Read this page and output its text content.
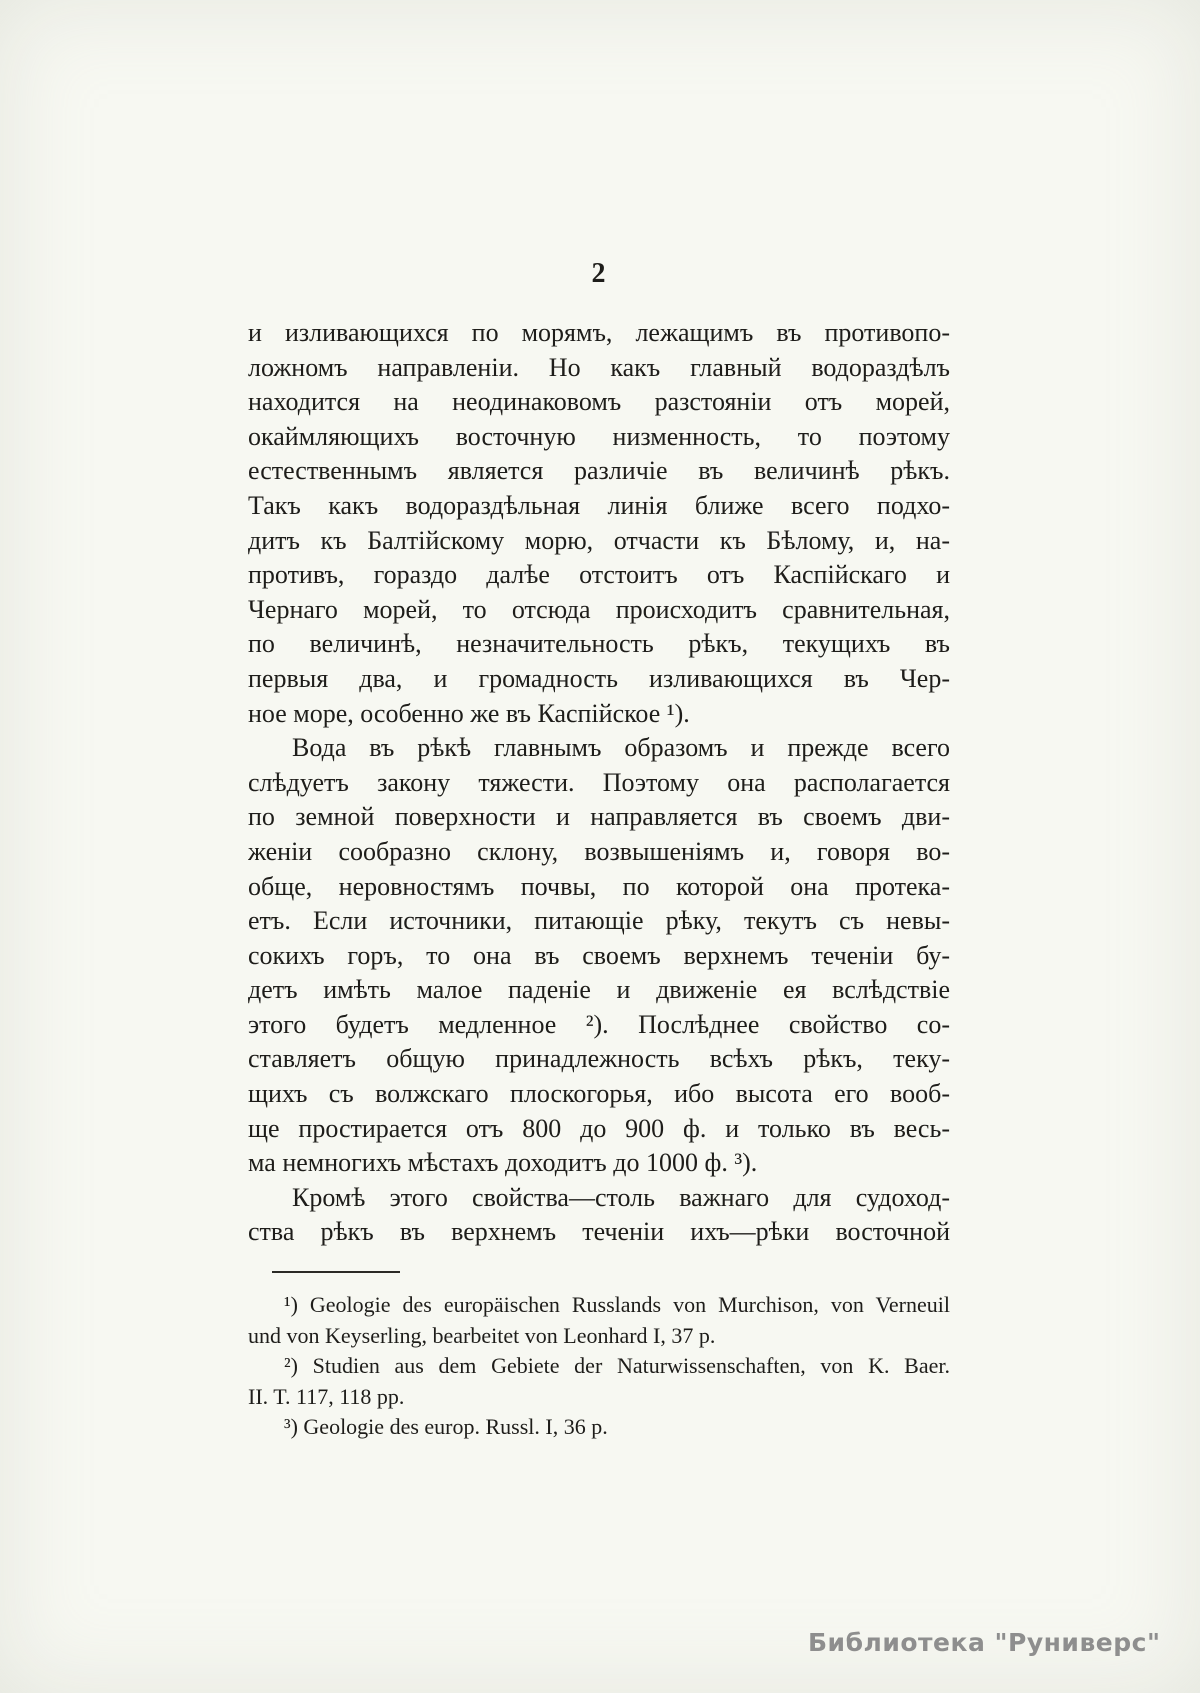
2
и изливающихся по морямъ, лежащимъ въ противопо-
ложномъ направленіи. Но какъ главный водораздѣлъ
находится на неодинаковомъ разстояніи отъ морей,
окаймляющихъ восточную низменность, то поэтому
естественнымъ является различіе въ величинѣ рѣкъ.
Такъ какъ водораздѣльная линія ближе всего подхо-
дитъ къ Балтійскому морю, отчасти къ Бѣлому, и, на-
противъ, гораздо далѣе отстоитъ отъ Каспійскаго и
Чернаго морей, то отсюда происходитъ сравнительная,
по величинѣ, незначительность рѣкъ, текущихъ въ
первыя два, и громадность изливающихся въ Чер-
ное море, особенно же въ Каспійское ¹).
Вода въ рѣкѣ главнымъ образомъ и прежде всего
слѣдуетъ закону тяжести. Поэтому она располагается
по земной поверхности и направляется въ своемъ дви-
женіи сообразно склону, возвышеніямъ и, говоря во-
обще, неровностямъ почвы, по которой она протека-
етъ. Если источники, питающіе рѣку, текутъ съ невы-
сокихъ горъ, то она въ своемъ верхнемъ теченіи бу-
детъ имѣть малое паденіе и движеніе ея вслѣдствіе
этого будетъ медленное ²). Послѣднее свойство со-
ставляетъ общую принадлежность всѣхъ рѣкъ, теку-
щихъ съ волжскаго плоскогорья, ибо высота его вооб-
ще простирается отъ 800 до 900 ф. и только въ весь-
ма немногихъ мѣстахъ доходитъ до 1000 ф. ³).
Кромѣ этого свойства—столь важнаго для судоход-
ства рѣкъ въ верхнемъ теченіи ихъ—рѣки восточной
¹) Geologie des europäischen Russlands von Murchison, von Verneuil
und von Keyserling, bearbeitet von Leonhard I, 37 p.
²) Studien aus dem Gebiete der Naturwissenschaften, von K. Baer.
II. T. 117, 118 pp.
³) Geologie des europ. Russl. I, 36 p.
Библиотека "Руниверс"
